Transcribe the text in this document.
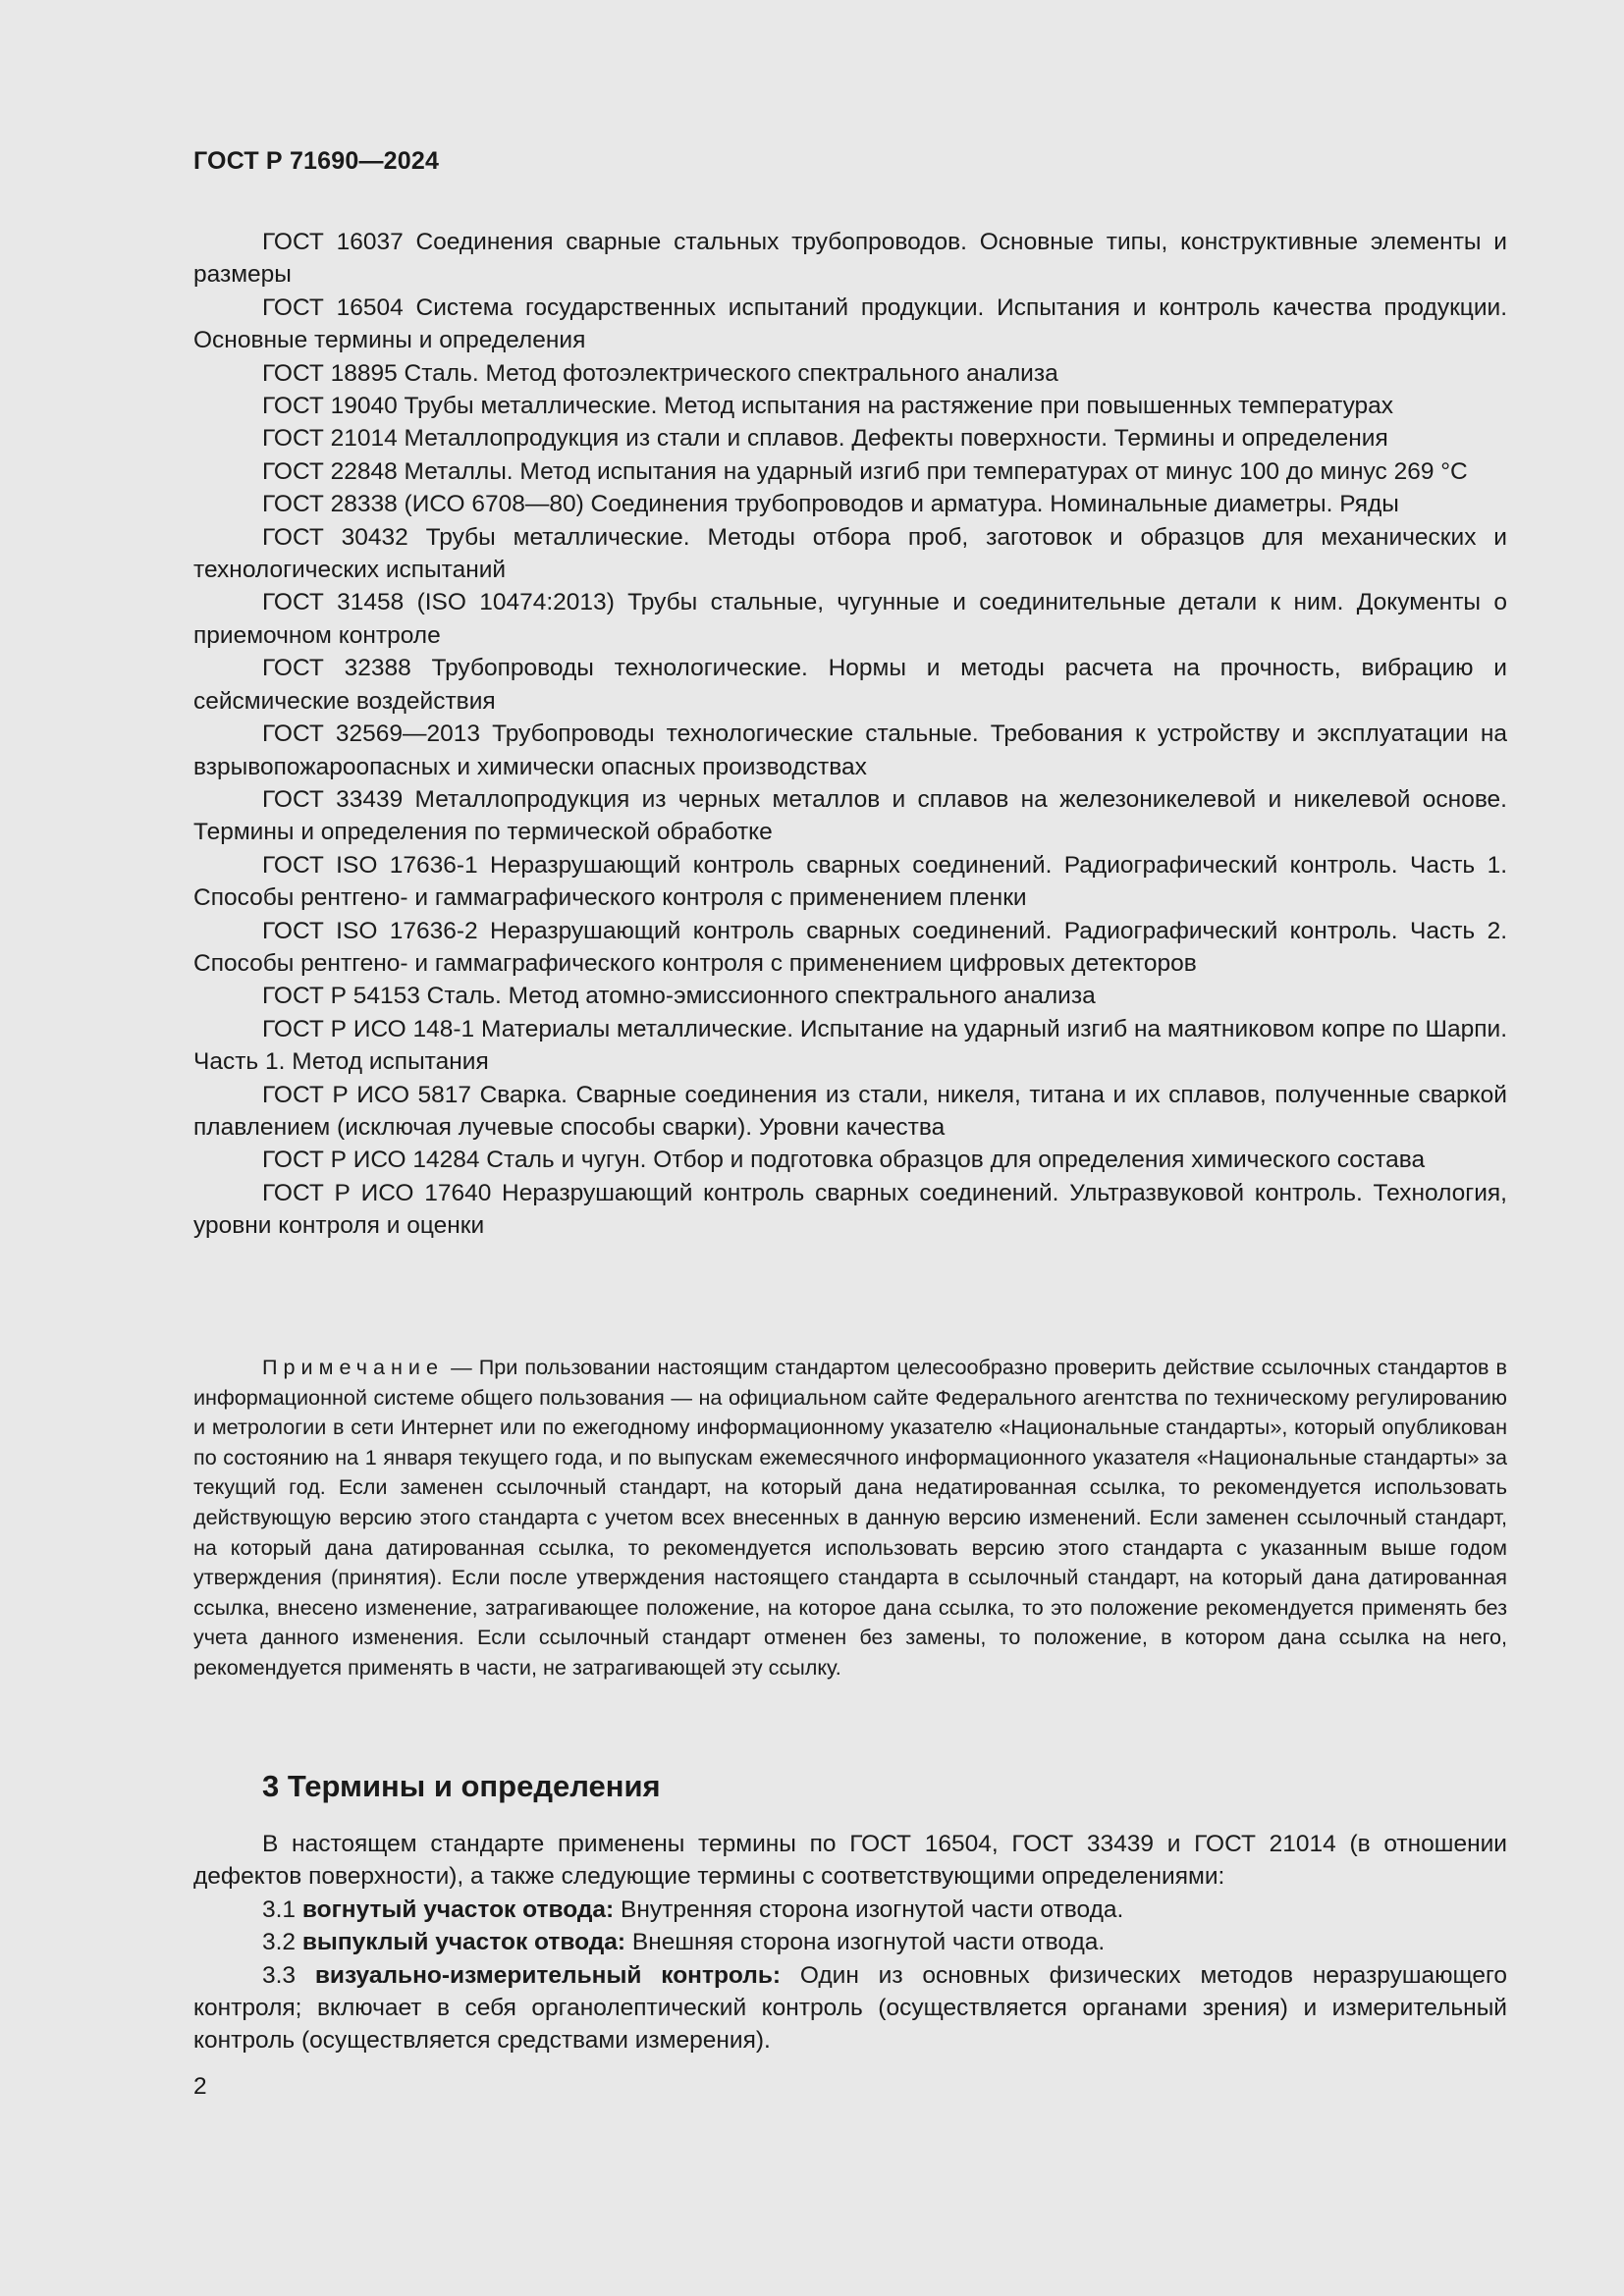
ГОСТ Р 71690—2024

ГОСТ 16037 Соединения сварные стальных трубопроводов. Основные типы, конструктивные элементы и размеры

ГОСТ 16504 Система государственных испытаний продукции. Испытания и контроль качества продукции. Основные термины и определения

ГОСТ 18895 Сталь. Метод фотоэлектрического спектрального анализа

ГОСТ 19040 Трубы металлические. Метод испытания на растяжение при повышенных температурах

ГОСТ 21014 Металлопродукция из стали и сплавов. Дефекты поверхности. Термины и определения

ГОСТ 22848 Металлы. Метод испытания на ударный изгиб при температурах от минус 100 до минус 269 °С

ГОСТ 28338 (ИСО 6708—80) Соединения трубопроводов и арматура. Номинальные диаметры. Ряды

ГОСТ 30432 Трубы металлические. Методы отбора проб, заготовок и образцов для механических и технологических испытаний

ГОСТ 31458 (ISO 10474:2013) Трубы стальные, чугунные и соединительные детали к ним. Документы о приемочном контроле

ГОСТ 32388 Трубопроводы технологические. Нормы и методы расчета на прочность, вибрацию и сейсмические воздействия

ГОСТ 32569—2013 Трубопроводы технологические стальные. Требования к устройству и эксплуатации на взрывопожароопасных и химически опасных производствах

ГОСТ 33439 Металлопродукция из черных металлов и сплавов на железоникелевой и никелевой основе. Термины и определения по термической обработке

ГОСТ ISO 17636-1 Неразрушающий контроль сварных соединений. Радиографический контроль. Часть 1. Способы рентгено- и гаммаграфического контроля с применением пленки

ГОСТ ISO 17636-2 Неразрушающий контроль сварных соединений. Радиографический контроль. Часть 2. Способы рентгено- и гаммаграфического контроля с применением цифровых детекторов

ГОСТ Р 54153 Сталь. Метод атомно-эмиссионного спектрального анализа

ГОСТ Р ИСО 148-1 Материалы металлические. Испытание на ударный изгиб на маятниковом копре по Шарпи. Часть 1. Метод испытания

ГОСТ Р ИСО 5817 Сварка. Сварные соединения из стали, никеля, титана и их сплавов, полученные сваркой плавлением (исключая лучевые способы сварки). Уровни качества

ГОСТ Р ИСО 14284 Сталь и чугун. Отбор и подготовка образцов для определения химического состава

ГОСТ Р ИСО 17640 Неразрушающий контроль сварных соединений. Ультразвуковой контроль. Технология, уровни контроля и оценки

Примечание — При пользовании настоящим стандартом целесообразно проверить действие ссылочных стандартов в информационной системе общего пользования — на официальном сайте Федерального агентства по техническому регулированию и метрологии в сети Интернет или по ежегодному информационному указателю «Национальные стандарты», который опубликован по состоянию на 1 января текущего года, и по выпускам ежемесячного информационного указателя «Национальные стандарты» за текущий год. Если заменен ссылочный стандарт, на который дана недатированная ссылка, то рекомендуется использовать действующую версию этого стандарта с учетом всех внесенных в данную версию изменений. Если заменен ссылочный стандарт, на который дана датированная ссылка, то рекомендуется использовать версию этого стандарта с указанным выше годом утверждения (принятия). Если после утверждения настоящего стандарта в ссылочный стандарт, на который дана датированная ссылка, внесено изменение, затрагивающее положение, на которое дана ссылка, то это положение рекомендуется применять без учета данного изменения. Если ссылочный стандарт отменен без замены, то положение, в котором дана ссылка на него, рекомендуется применять в части, не затрагивающей эту ссылку.

3 Термины и определения

В настоящем стандарте применены термины по ГОСТ 16504, ГОСТ 33439 и ГОСТ 21014 (в отношении дефектов поверхности), а также следующие термины с соответствующими определениями:

3.1 вогнутый участок отвода: Внутренняя сторона изогнутой части отвода.

3.2 выпуклый участок отвода: Внешняя сторона изогнутой части отвода.

3.3 визуально-измерительный контроль: Один из основных физических методов неразрушающего контроля; включает в себя органолептический контроль (осуществляется органами зрения) и измерительный контроль (осуществляется средствами измерения).

2
